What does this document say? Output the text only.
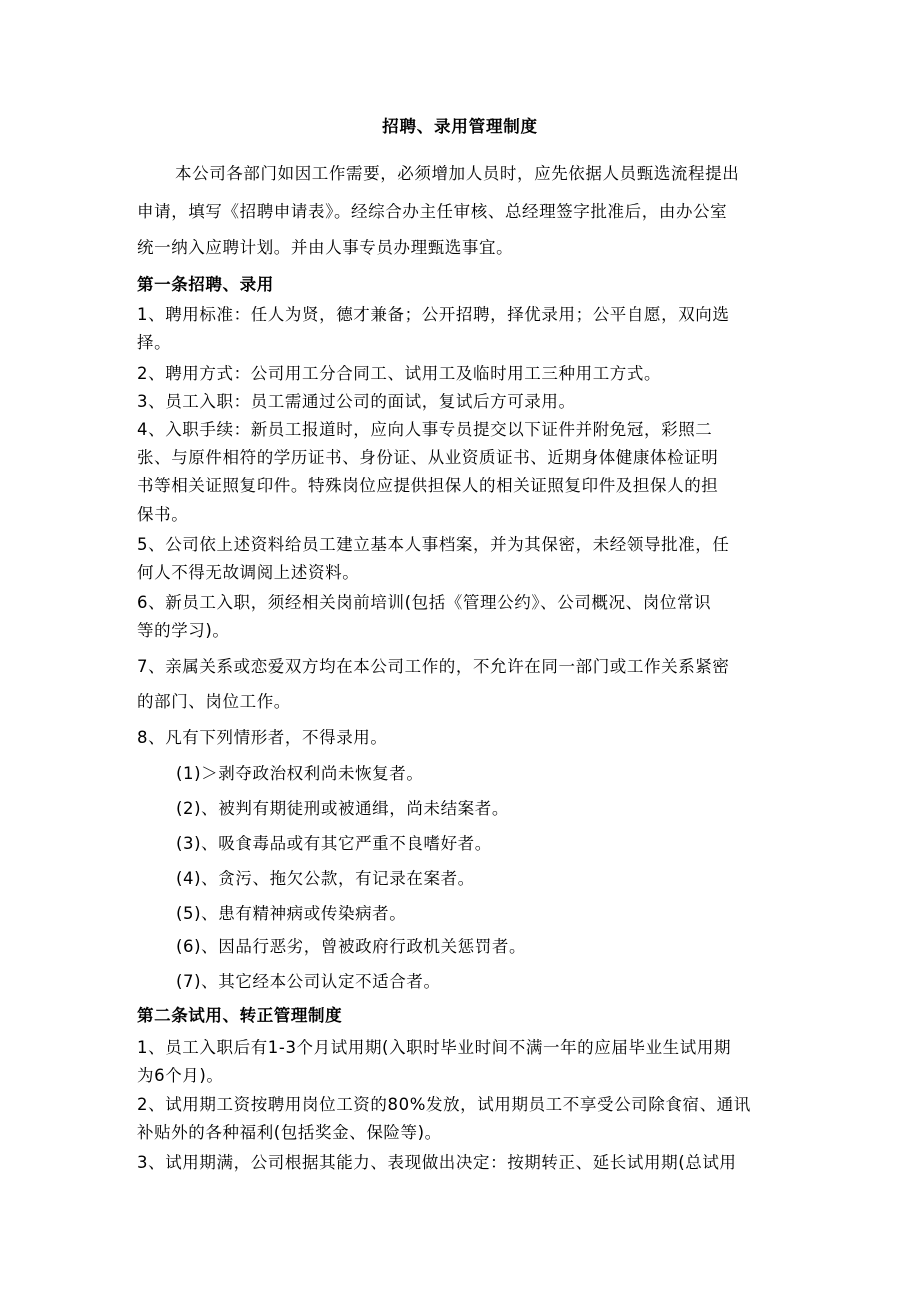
招聘、录用管理制度
本公司各部门如因工作需要，必须增加人员时，应先依据人员甄选流程提出
申请，填写《招聘申请表》。经综合办主任审核、总经理签字批准后，由办公室
统一纳入应聘计划。并由人事专员办理甄选事宜。
第一条招聘、录用
1、聘用标准：任人为贤，德才兼备；公开招聘，择优录用；公平自愿，双向选
择。
2、聘用方式：公司用工分合同工、试用工及临时用工三种用工方式。
3、员工入职：员工需通过公司的面试，复试后方可录用。
4、入职手续：新员工报道时，应向人事专员提交以下证件并附免冠，彩照二
张、与原件相符的学历证书、身份证、从业资质证书、近期身体健康体检证明
书等相关证照复印件。特殊岗位应提供担保人的相关证照复印件及担保人的担
保书。
5、公司依上述资料给员工建立基本人事档案，并为其保密，未经领导批准，任
何人不得无故调阅上述资料。
6、新员工入职，须经相关岗前培训(包括《管理公约》、公司概况、岗位常识
等的学习)。
7、亲属关系或恋爱双方均在本公司工作的，不允许在同一部门或工作关系紧密
的部门、岗位工作。
8、凡有下列情形者，不得录用。
(1)＞剥夺政治权利尚未恢复者。
(2)、被判有期徒刑或被通缉，尚未结案者。
(3)、吸食毒品或有其它严重不良嗜好者。
(4)、贪污、拖欠公款，有记录在案者。
(5)、患有精神病或传染病者。
(6)、因品行恶劣，曾被政府行政机关惩罚者。
(7)、其它经本公司认定不适合者。
第二条试用、转正管理制度
1、员工入职后有1-3个月试用期(入职时毕业时间不满一年的应届毕业生试用期
为6个月)。
2、试用期工资按聘用岗位工资的80%发放，试用期员工不享受公司除食宿、通讯
补贴外的各种福利(包括奖金、保险等)。
3、试用期满，公司根据其能力、表现做出决定：按期转正、延长试用期(总试用
